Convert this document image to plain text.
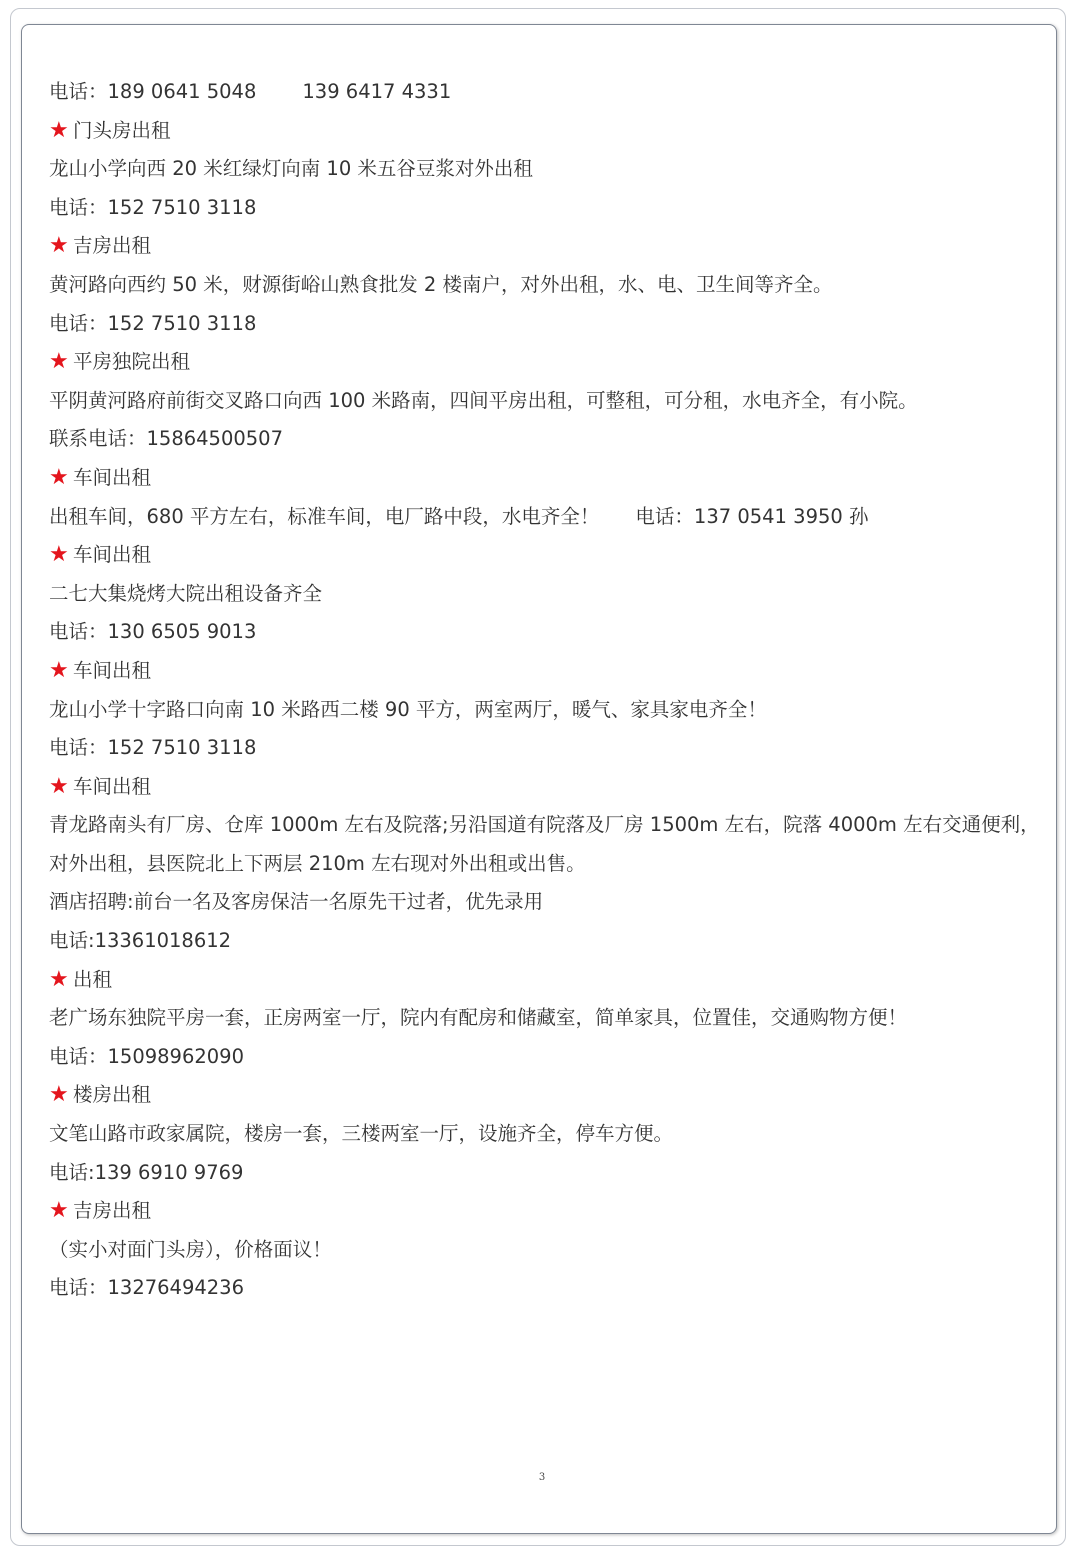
电话：189 0641 5048 139 6417 4331
★ 门头房出租
龙山小学向西 20 米红绿灯向南 10 米五谷豆浆对外出租
电话：152 7510 3118
★ 吉房出租
黄河路向西约 50 米，财源街峪山熟食批发 2 楼南户，对外出租，水、电、卫生间等齐全。
电话：152 7510 3118
★ 平房独院出租
平阴黄河路府前街交叉路口向西 100 米路南，四间平房出租，可整租，可分租，水电齐全，有小院。
联系电话：15864500507
★ 车间出租
出租车间，680 平方左右，标准车间，电厂路中段，水电齐全！ 电话：137 0541 3950 孙
★ 车间出租
二七大集烧烤大院出租设备齐全
电话：130 6505 9013
★ 车间出租
龙山小学十字路口向南 10 米路西二楼 90 平方，两室两厅，暖气、家具家电齐全！
电话：152 7510 3118
★ 车间出租
青龙路南头有厂房、仓库 1000m 左右及院落;另沿国道有院落及厂房 1500m 左右，院落 4000m 左右交通便利，对外出租，县医院北上下两层 210m 左右现对外出租或出售。
酒店招聘:前台一名及客房保洁一名原先干过者，优先录用
电话:13361018612
★ 出租
老广场东独院平房一套，正房两室一厅，院内有配房和储藏室，简单家具，位置佳，交通购物方便！
电话：15098962090
★ 楼房出租
文笔山路市政家属院，楼房一套，三楼两室一厅，设施齐全，停车方便。
电话:139 6910 9769
★ 吉房出租
（实小对面门头房），价格面议！
电话：13276494236
3
